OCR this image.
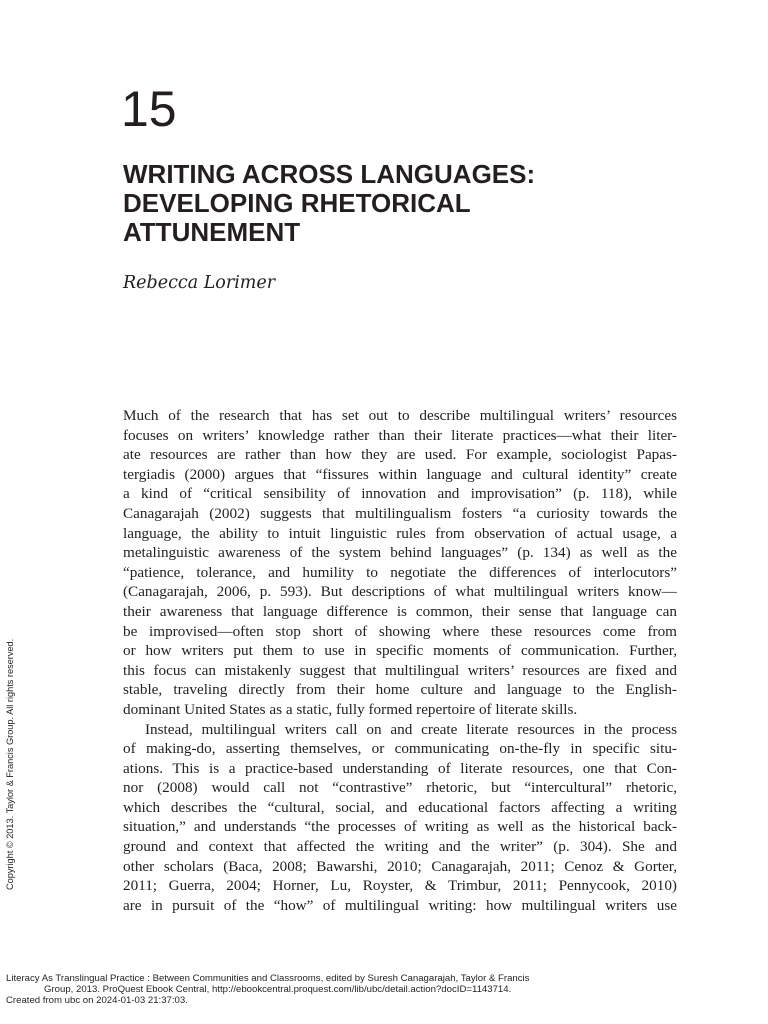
15
WRITING ACROSS LANGUAGES:
DEVELOPING RHETORICAL
ATTUNEMENT
Rebecca Lorimer
Much of the research that has set out to describe multilingual writers’ resources
focuses on writers’ knowledge rather than their literate practices—what their liter-
ate resources are rather than how they are used. For example, sociologist Papas-
tergiadis (2000) argues that “fissures within language and cultural identity” create
a kind of “critical sensibility of innovation and improvisation” (p. 118), while
Canagarajah (2002) suggests that multilingualism fosters “a curiosity towards the
language, the ability to intuit linguistic rules from observation of actual usage, a
metalinguistic awareness of the system behind languages” (p. 134) as well as the
“patience, tolerance, and humility to negotiate the differences of interlocutors”
(Canagarajah, 2006, p. 593). But descriptions of what multilingual writers know—
their awareness that language difference is common, their sense that language can
be improvised—often stop short of showing where these resources come from
or how writers put them to use in specific moments of communication. Further,
this focus can mistakenly suggest that multilingual writers’ resources are fixed and
stable, traveling directly from their home culture and language to the English-
dominant United States as a static, fully formed repertoire of literate skills.
Instead, multilingual writers call on and create literate resources in the process
of making-do, asserting themselves, or communicating on-the-fly in specific situ-
ations. This is a practice-based understanding of literate resources, one that Con-
nor (2008) would call not “contrastive” rhetoric, but “intercultural” rhetoric,
which describes the “cultural, social, and educational factors affecting a writing
situation,” and understands “the processes of writing as well as the historical back-
ground and context that affected the writing and the writer” (p. 304). She and
other scholars (Baca, 2008; Bawarshi, 2010; Canagarajah, 2011; Cenoz & Gorter,
2011; Guerra, 2004; Horner, Lu, Royster, & Trimbur, 2011; Pennycook, 2010)
are in pursuit of the “how” of multilingual writing: how multilingual writers use
Copyright © 2013. Taylor & Francis Group. All rights reserved.
Literacy As Translingual Practice : Between Communities and Classrooms, edited by Suresh Canagarajah, Taylor & Francis
Group, 2013. ProQuest Ebook Central, http://ebookcentral.proquest.com/lib/ubc/detail.action?docID=1143714.
Created from ubc on 2024-01-03 21:37:03.
